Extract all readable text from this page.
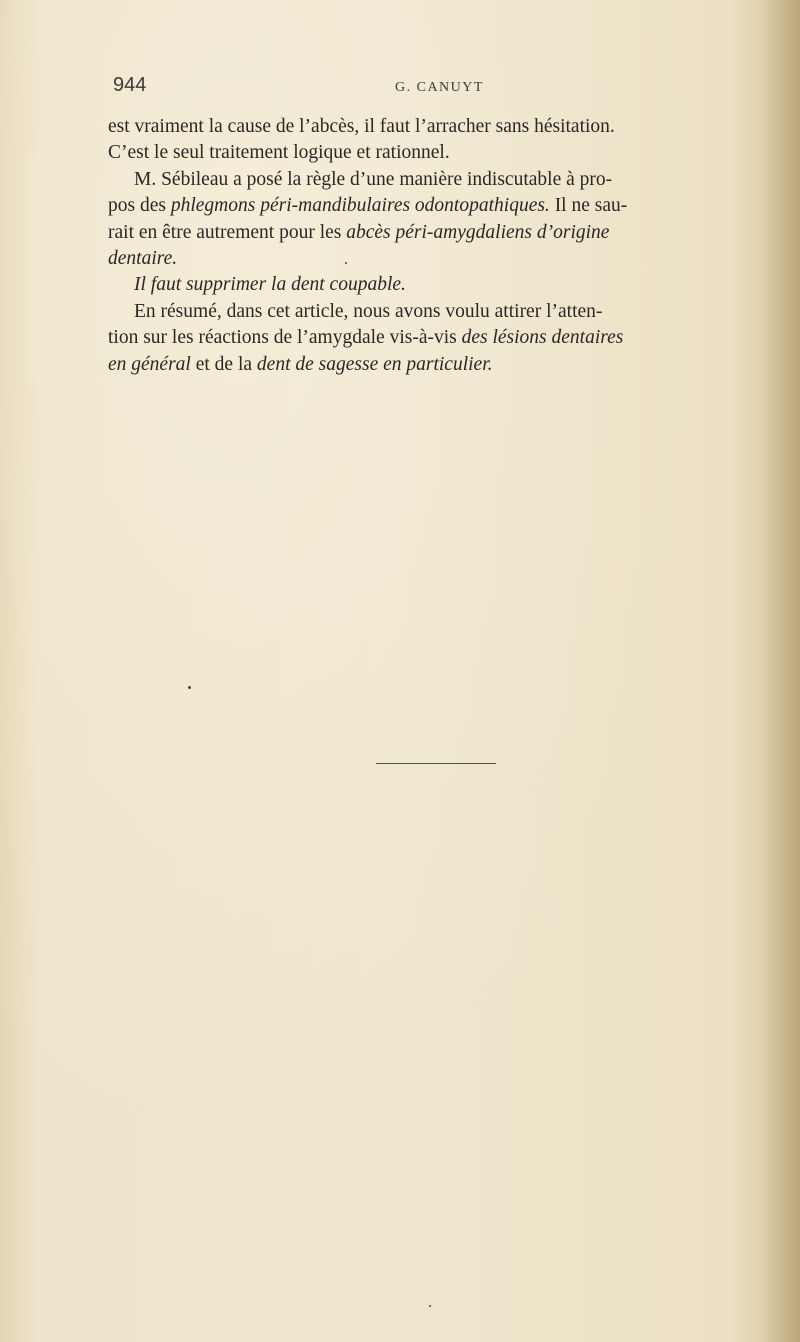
944	G. CANUYT
est vraiment la cause de l’abcès, il faut l’arracher sans hésitation.
C’est le seul traitement logique et rationnel.
M. Sébileau a posé la règle d’une manière indiscutable à pro-
pos des phlegmons péri-mandibulaires odontopathiques. Il ne sau-
rait en être autrement pour les abcès péri-amygdaliens d’origine
dentaire.
Il faut supprimer la dent coupable.
En résumé, dans cet article, nous avons voulu attirer l’atten-
tion sur les réactions de l’amygdale vis-à-vis des lésions dentaires
en général et de la dent de sagesse en particulier.
